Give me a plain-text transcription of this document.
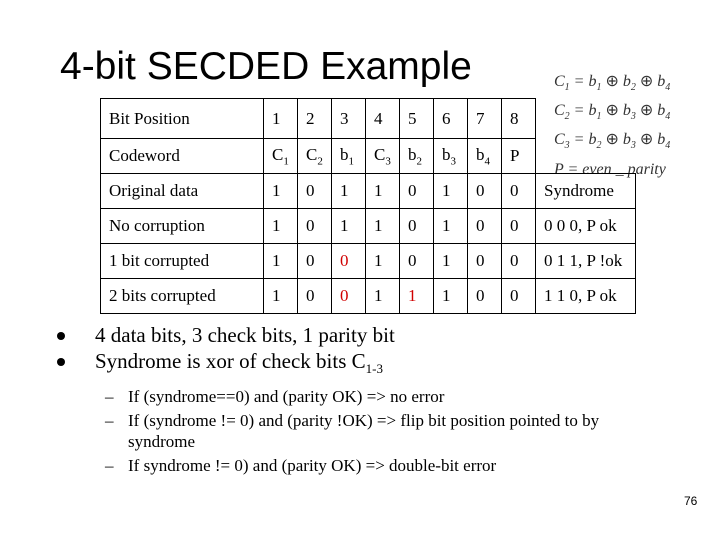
4-bit SECDED Example	$C_1 = b_1$ ⊕ $b_2$ ⊕ $b_4$
$C_2 = b_1$ ⊕ $b_3$ ⊕ $b_4$
$C_3 = b_2$ ⊕ $b_3$ ⊕ $b_4$
P = even _ parity
Bit Position	1	2	3	4	5	6	7	8	
Codeword	$C_1$	$C_2$	$b_1$	$C_3$	$b_2$	$b_3$	$b_4$	P	
Original data	1	0	1	1	0	1	0	0	Syndrome
No corruption	1	0	1	1	0	1	0	0	0 0 0, P ok
1 bit corrupted	1	0	0	1	0	1	0	0	0 1 1, P !ok
2 bits corrupted	1	0	0	1	1	1	0	0	1 1 0, P ok
4 data bits, 3 check bits, 1 parity bit
Syndrome is xor of check bits $C_{1-3}$
– If (syndrome==0) and (parity OK) => no error
– If (syndrome != 0) and (parity !OK) => flip bit position pointed to by syndrome
– If syndrome != 0) and (parity OK) => double-bit error
76
